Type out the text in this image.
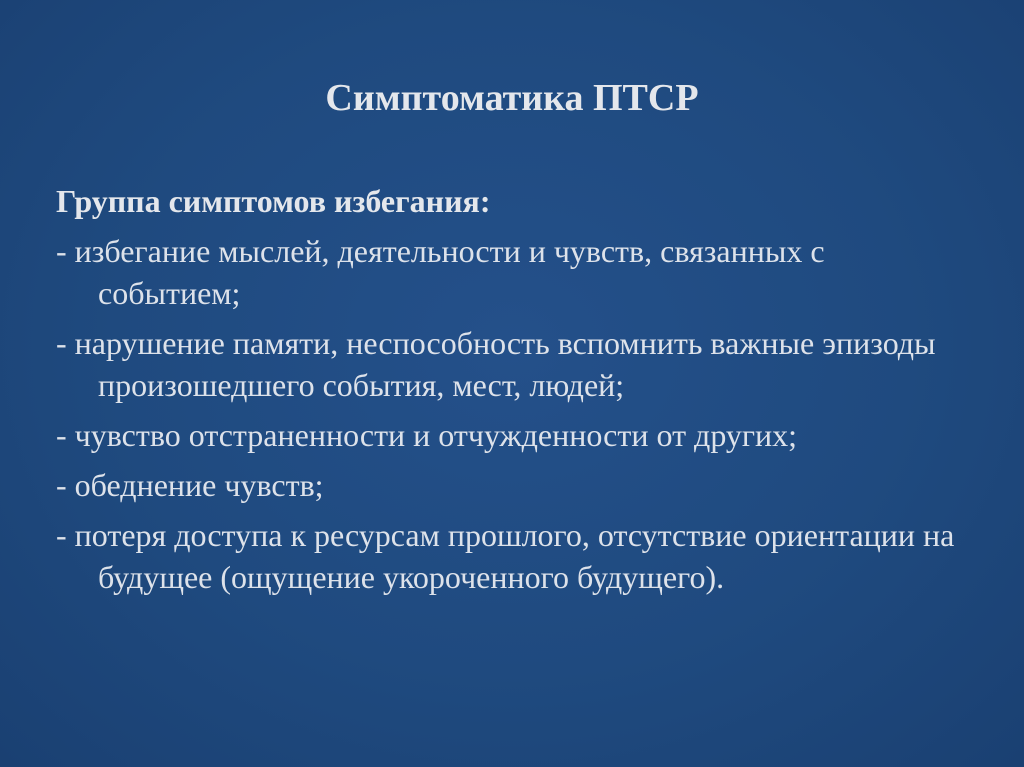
Симптоматика ПТСР
Группа симптомов избегания:
- избегание мыслей, деятельности и чувств, связанных с событием;
- нарушение памяти, неспособность вспомнить важные эпизоды произошедшего события, мест, людей;
- чувство отстраненности и отчужденности от других;
- обеднение чувств;
- потеря доступа к ресурсам прошлого, отсутствие ориентации на будущее (ощущение укороченного будущего).
